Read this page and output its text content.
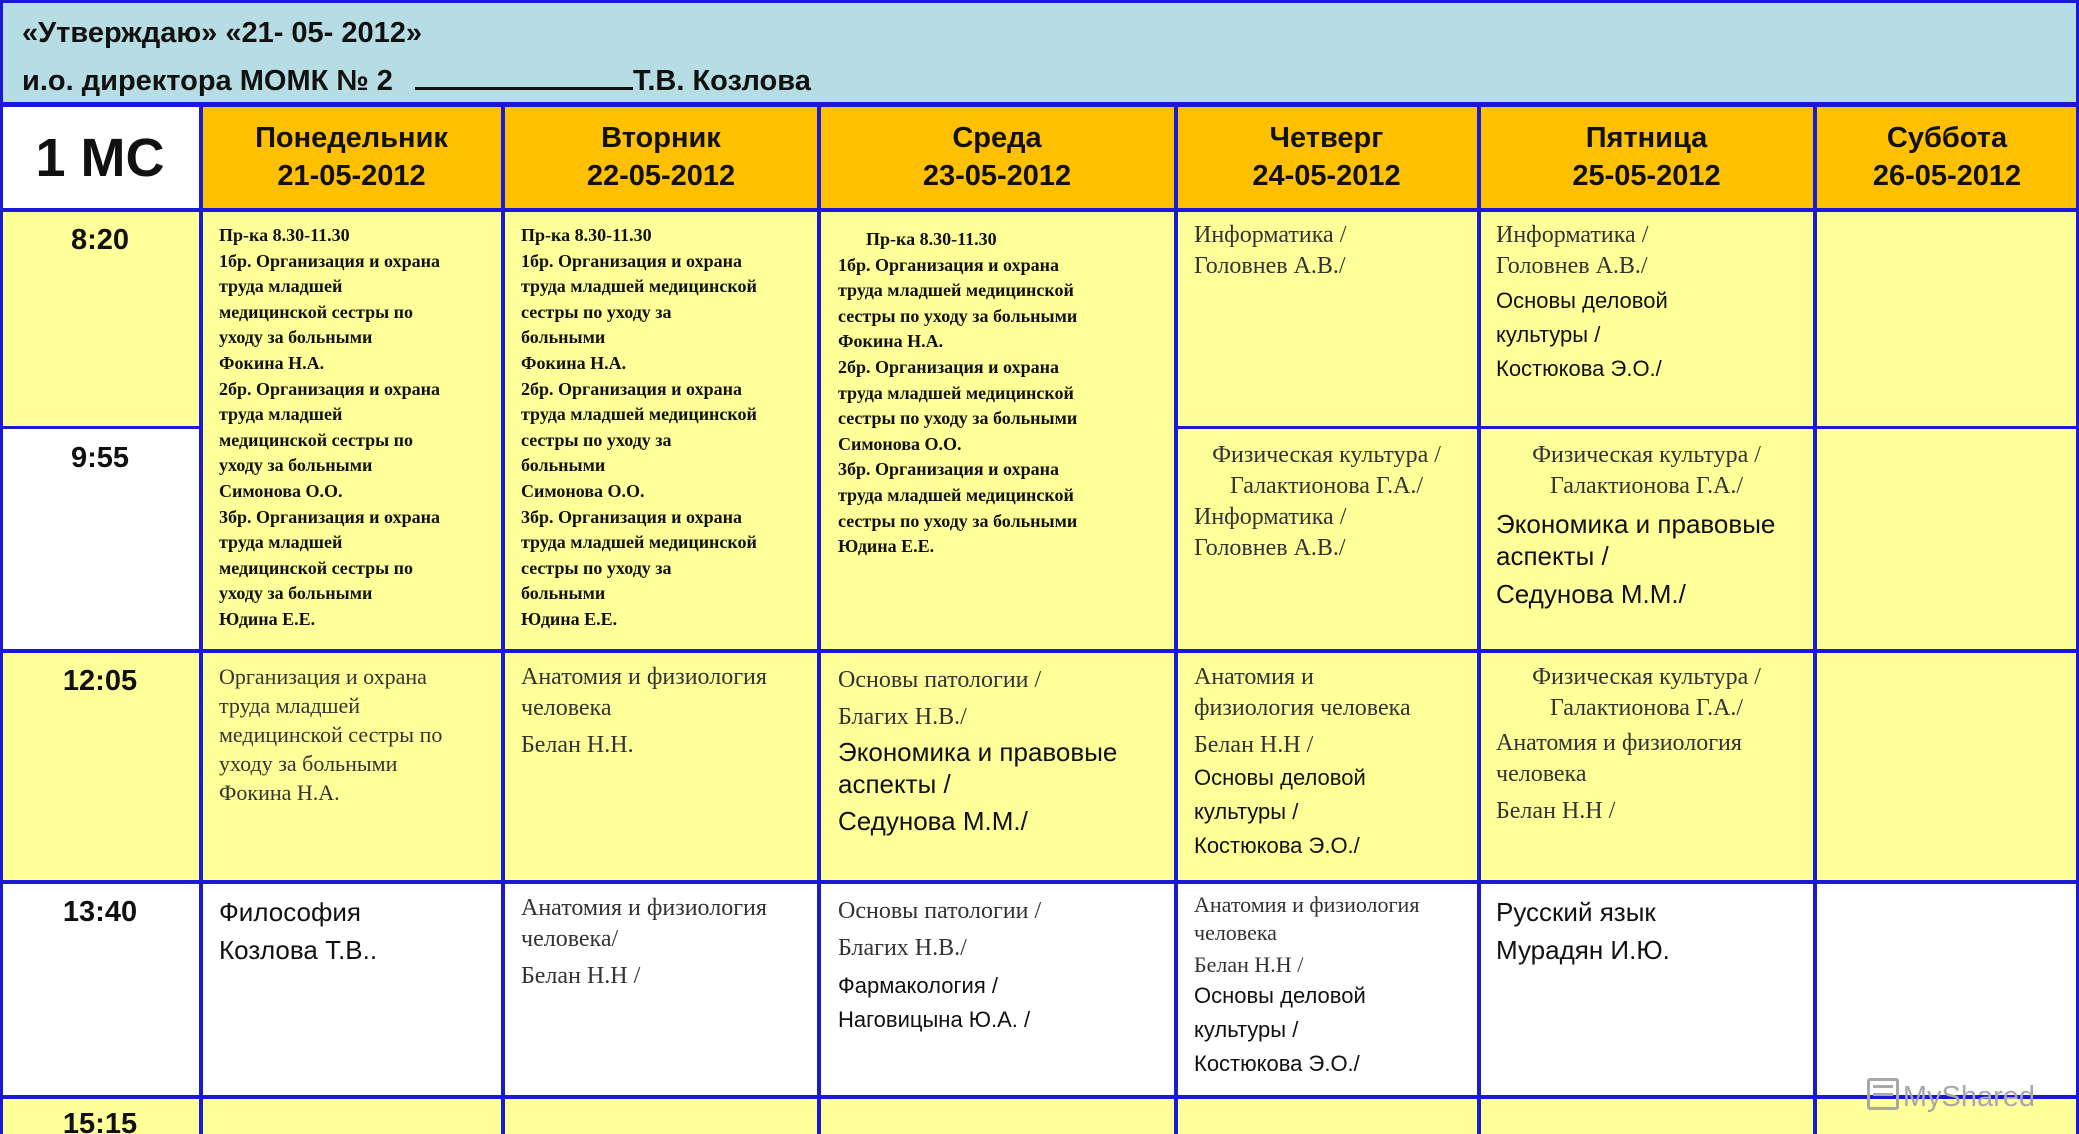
«Утверждаю» «21- 05- 2012»
и.о. директора МОМК № 2	Т.В. Козлова
1 МС	Понедельник
21-05-2012
Вторник
22-05-2012
Среда
23-05-2012
Четверг
24-05-2012
Пятница
25-05-2012
Суббота
26-05-2012
8:20
9:55
12:05
13:40
15:15
Пр-ка 8.30-11.30
1бр. Организация и охрана
труда младшей
медицинской сестры по
уходу за больными
Фокина Н.А.
2бр. Организация и охрана
труда младшей
медицинской сестры по
уходу за больными
Симонова О.О.
3бр. Организация и охрана
труда младшей
медицинской сестры по
уходу за больными
Юдина Е.Е.
Пр-ка 8.30-11.30
1бр. Организация и охрана
труда младшей медицинской
сестры по уходу за
больными
Фокина Н.А.
2бр. Организация и охрана
труда младшей медицинской
сестры по уходу за
больными
Симонова О.О.
3бр. Организация и охрана
труда младшей медицинской
сестры по уходу за
больными
Юдина Е.Е.
Пр-ка 8.30-11.30
1бр. Организация и охрана
труда младшей медицинской
сестры по уходу за больными
Фокина Н.А.
2бр. Организация и охрана
труда младшей медицинской
сестры по уходу за больными
Симонова О.О.
3бр. Организация и охрана
труда младшей медицинской
сестры по уходу за больными
Юдина Е.Е.
Информатика /
Головнев А.В./
Информатика /
Головнев А.В./
Основы деловой
культуры /
Костюкова Э.О./
Физическая культура /
Галактионова Г.А./
Информатика /
Головнев А.В./
Физическая культура /
Галактионова Г.А./
Экономика и правовые
аспекты /
Седунова М.М./
Организация и охрана
труда младшей
медицинской сестры по
уходу за больными
Фокина Н.А.
Анатомия и физиология
человека
Белан Н.Н.
Основы патологии /
Благих Н.В./
Экономика и правовые
аспекты /
Седунова М.М./
Анатомия и
физиология человека
Белан Н.Н /
Основы деловой
культуры /
Костюкова Э.О./
Физическая культура /
Галактионова Г.А./
Анатомия и физиология
человека
Белан Н.Н /
Философия
Козлова Т.В..
Анатомия и физиология
человека/
Белан Н.Н /
Основы патологии /
Благих Н.В./
Фармакология /
Наговицына Ю.А. /
Анатомия и физиология
человека
Белан Н.Н /
Основы деловой
культуры /
Костюкова Э.О./
Русский язык
Мурадян И.Ю.
MyShared
